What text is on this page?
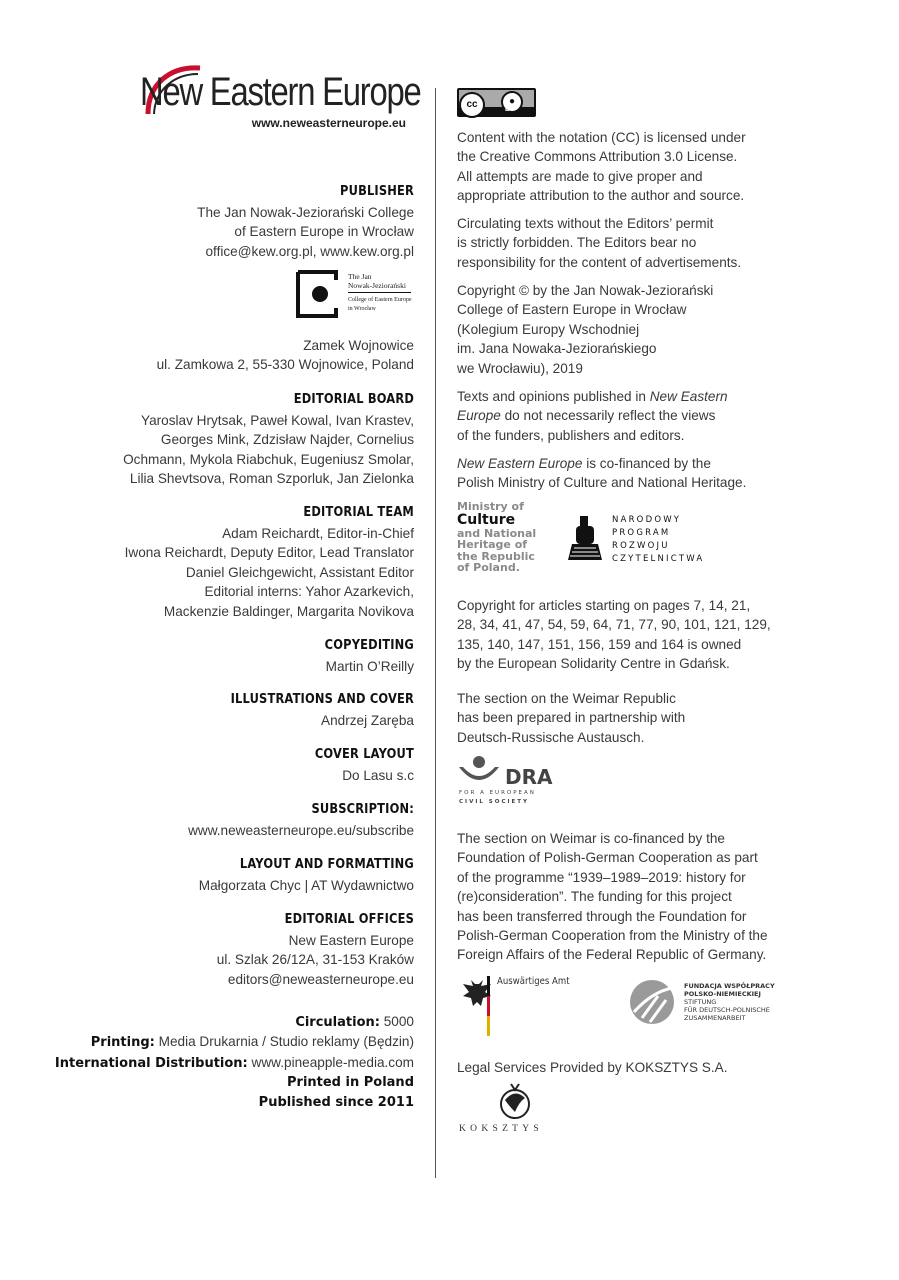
New Eastern Europe
www.neweasterneurope.eu
PUBLISHER
The Jan Nowak-Jeziorański College
of Eastern Europe in Wrocław
office@kew.org.pl, www.kew.org.pl
The Jan
Nowak-Jeziorański
College of Eastern Europe
in Wrocław
Zamek Wojnowice
ul. Zamkowa 2, 55-330 Wojnowice, Poland
EDITORIAL BOARD
Yaroslav Hrytsak, Paweł Kowal, Ivan Krastev,
Georges Mink, Zdzisław Najder, Cornelius
Ochmann, Mykola Riabchuk, Eugeniusz Smolar,
Lilia Shevtsova, Roman Szporluk, Jan Zielonka
EDITORIAL TEAM
Adam Reichardt, Editor-in-Chief
Iwona Reichardt, Deputy Editor, Lead Translator
Daniel Gleichgewicht, Assistant Editor
Editorial interns: Yahor Azarkevich,
Mackenzie Baldinger, Margarita Novikova
COPYEDITING
Martin O’Reilly
ILLUSTRATIONS AND COVER
Andrzej Zaręba
COVER LAYOUT
Do Lasu s.c
SUBSCRIPTION:
www.neweasterneurope.eu/subscribe
LAYOUT AND FORMATTING
Małgorzata Chyc | AT Wydawnictwo
EDITORIAL OFFICES
New Eastern Europe
ul. Szlak 26/12A, 31-153 Kraków
editors@neweasterneurope.eu
Circulation: 5000
Printing: Media Drukarnia / Studio reklamy (Będzin)
International Distribution: www.pineapple-media.com
Printed in Poland
Published since 2011
cc	●
BY
Content with the notation (CC) is licensed under
the Creative Commons Attribution 3.0 License.
All attempts are made to give proper and
appropriate attribution to the author and source.
Circulating texts without the Editors’ permit
is strictly forbidden. The Editors bear no
responsibility for the content of advertisements.
Copyright © by the Jan Nowak-Jeziorański
College of Eastern Europe in Wrocław
(Kolegium Europy Wschodniej
im. Jana Nowaka-Jeziorańskiego
we Wrocławiu), 2019
Texts and opinions published in New Eastern
Europe do not necessarily reflect the views
of the funders, publishers and editors.
New Eastern Europe is co-financed by the
Polish Ministry of Culture and National Heritage.
Ministry of
Culture
and National
Heritage of
the Republic
of Poland.
NARODOWY
PROGRAM
ROZWOJU
CZYTELNICTWA
Copyright for articles starting on pages 7, 14, 21,
28, 34, 41, 47, 54, 59, 64, 71, 77, 90, 101, 121, 129,
135, 140, 147, 151, 156, 159 and 164 is owned
by the European Solidarity Centre in Gdańsk.
The section on the Weimar Republic
has been prepared in partnership with
Deutsch-Russische Austausch.
DRA
FOR A EUROPEAN
CIVIL SOCIETY
The section on Weimar is co-financed by the
Foundation of Polish-German Cooperation as part
of the programme “1939–1989–2019: history for
(re)consideration”. The funding for this project
has been transferred through the Foundation for
Polish-German Cooperation from the Ministry of the
Foreign Affairs of the Federal Republic of Germany.
Auswärtiges Amt	FUNDACJA WSPÓŁPRACY
POLSKO-NIEMIECKIEJ
STIFTUNG
FÜR DEUTSCH-POLNISCHE
ZUSAMMENARBEIT
Legal Services Provided by KOKSZTYS S.A.
KOKSZTYS
